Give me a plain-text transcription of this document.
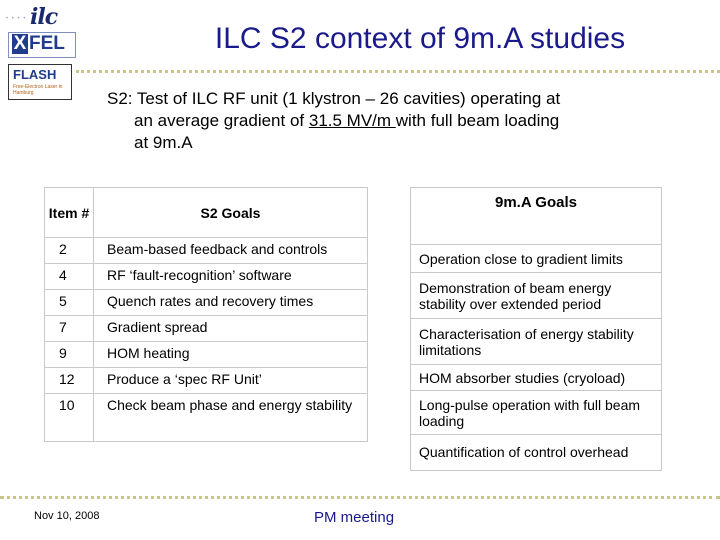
• • • • ilc
X FEL
FLASH
Free-Electron Laser in Hamburg
ILC S2 context of 9m.A studies
S2: Test of ILC RF unit (1 klystron – 26 cavities) operating at
an average gradient of 31.5 MV/m with full beam loading
at 9m.A
Item #	S2 Goals
2	Beam-based feedback and controls
4	RF ‘fault-recognition’ software
5	Quench rates and recovery times
7	Gradient spread
9	HOM heating
12	Produce a ‘spec RF Unit’
10	Check beam phase and energy stability
9m.A Goals
Operation close to gradient limits
Demonstration of beam energy stability over extended period
Characterisation of energy stability limitations
HOM absorber studies (cryoload)
Long-pulse operation with full beam loading
Quantification of control overhead
Nov 10, 2008	PM meeting
